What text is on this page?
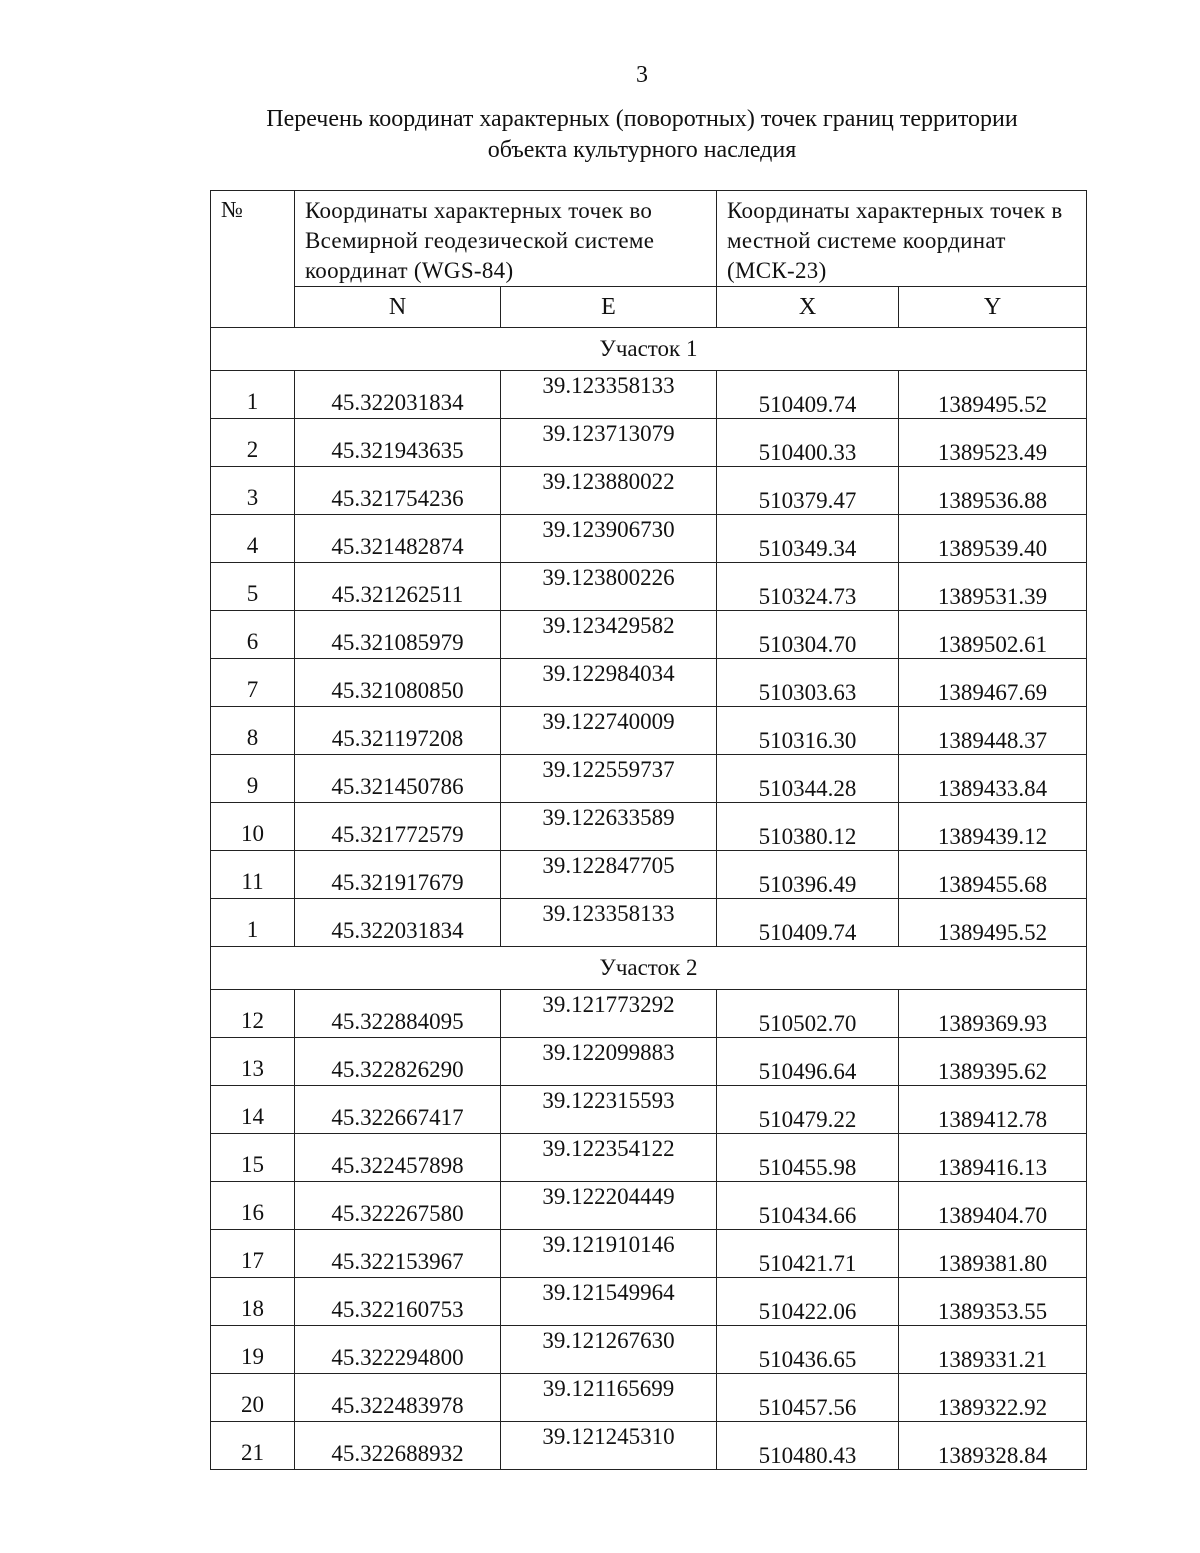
3
Перечень координат характерных (поворотных) точек границ территории
объекта культурного наследия
№	Координаты характерных точек во Всемирной геодезической системе координат (WGS-84)		Координаты характерных точек в местной системе координат (МСК-23)	
	N	E	X	Y
Участок 1				
1	45.322031834	39.123358133	510409.74	1389495.52
2	45.321943635	39.123713079	510400.33	1389523.49
3	45.321754236	39.123880022	510379.47	1389536.88
4	45.321482874	39.123906730	510349.34	1389539.40
5	45.321262511	39.123800226	510324.73	1389531.39
6	45.321085979	39.123429582	510304.70	1389502.61
7	45.321080850	39.122984034	510303.63	1389467.69
8	45.321197208	39.122740009	510316.30	1389448.37
9	45.321450786	39.122559737	510344.28	1389433.84
10	45.321772579	39.122633589	510380.12	1389439.12
11	45.321917679	39.122847705	510396.49	1389455.68
1	45.322031834	39.123358133	510409.74	1389495.52
Участок 2				
12	45.322884095	39.121773292	510502.70	1389369.93
13	45.322826290	39.122099883	510496.64	1389395.62
14	45.322667417	39.122315593	510479.22	1389412.78
15	45.322457898	39.122354122	510455.98	1389416.13
16	45.322267580	39.122204449	510434.66	1389404.70
17	45.322153967	39.121910146	510421.71	1389381.80
18	45.322160753	39.121549964	510422.06	1389353.55
19	45.322294800	39.121267630	510436.65	1389331.21
20	45.322483978	39.121165699	510457.56	1389322.92
21	45.322688932	39.121245310	510480.43	1389328.84
